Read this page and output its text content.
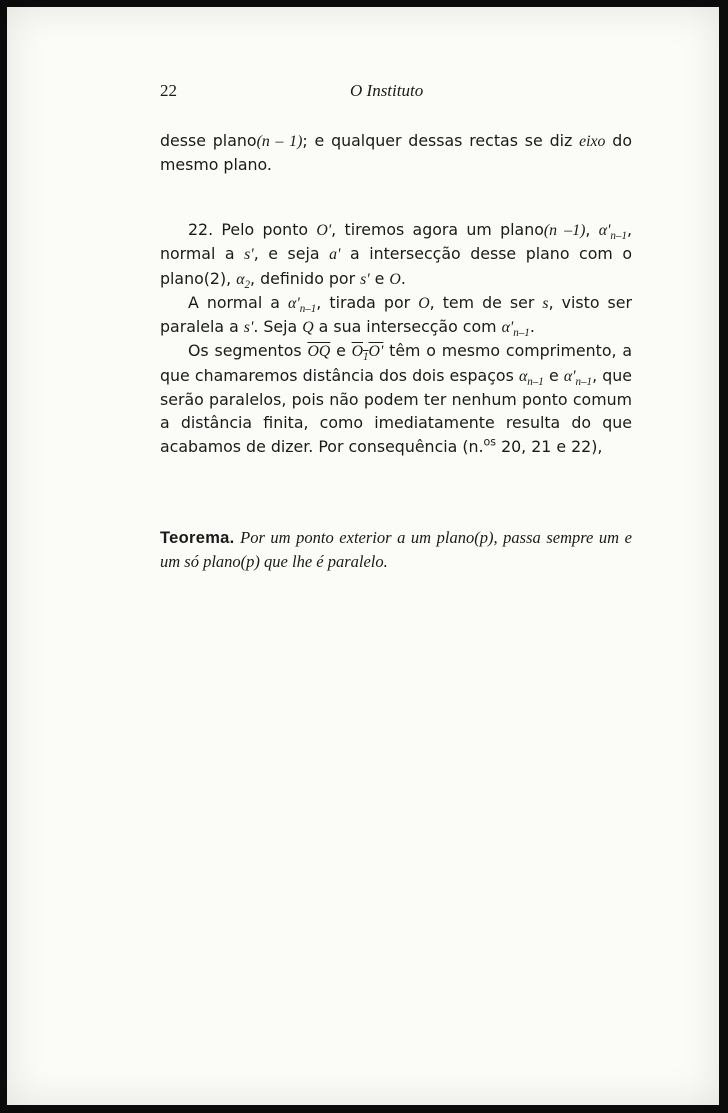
22	O Instituto

desse plano(n – 1); e qualquer dessas rectas se diz eixo do mesmo plano.

22. Pelo ponto O', tiremos agora um plano(n –1), $\alpha'_{n-1}$, normal a s', e seja a' a intersecção desse plano com o plano(2), $\alpha_2$, definido por s' e O.

A normal a $\alpha'_{n-1}$, tirada por O, tem de ser s, visto ser paralela a s'. Seja Q a sua intersecção com $\alpha'_{n-1}$.

Os segmentos $\overline{OQ}$ e $O_1O'$ têm o mesmo comprimento, a que chamaremos distância dos dois espaços $\alpha_{n-1}$ e $\alpha'_{n-1}$, que serão paralelos, pois não podem ter nenhum ponto comum a distância finita, como imediatamente resulta do que acabamos de dizer. Por consequência (n.$^{os}$ 20, 21 e 22),

Teorema. Por um ponto exterior a um plano(p), passa sempre um e um só plano(p) que lhe é paralelo.
